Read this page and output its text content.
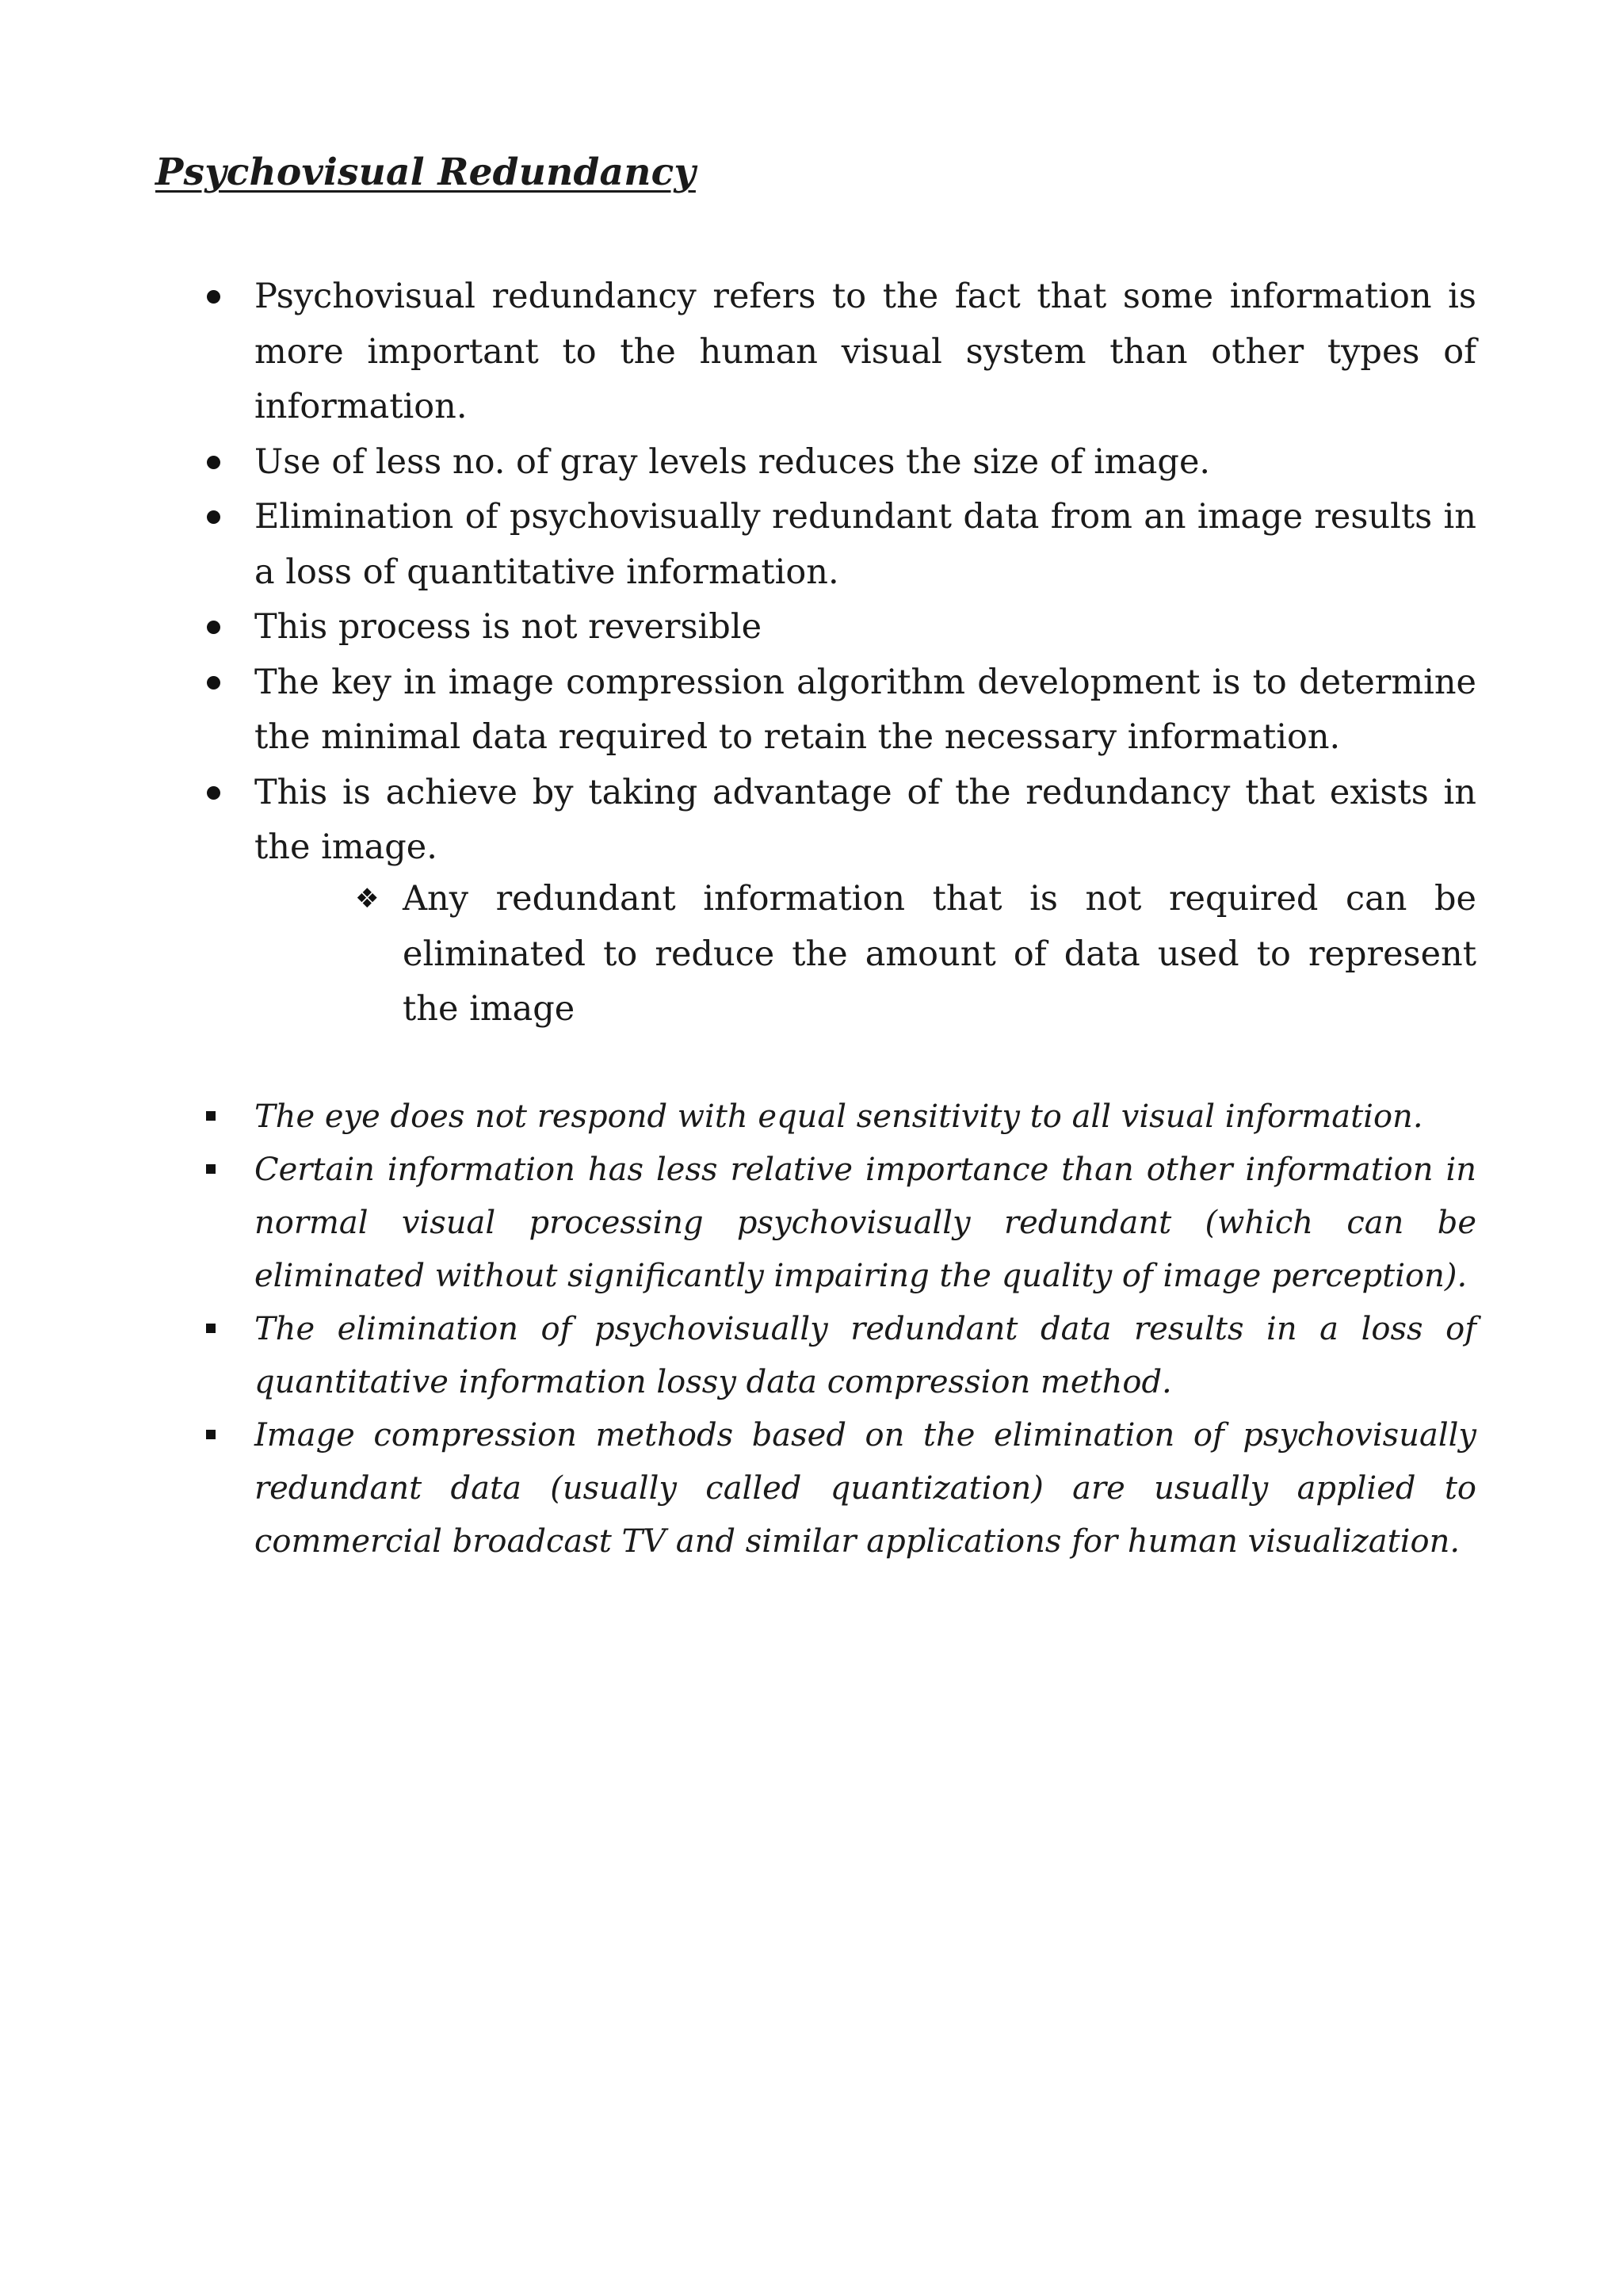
Psychovisual Redundancy
Psychovisual redundancy refers to the fact that some information is more important to the human visual system than other types of information.
Use of less no. of gray levels reduces the size of image.
Elimination of psychovisually redundant data from an image results in a loss of quantitative information.
This process is not reversible
The key in image compression algorithm development is to determine the minimal data required to retain the necessary information.
This is achieve by taking advantage of the redundancy that exists in the image.
❖ Any redundant information that is not required can be eliminated to reduce the amount of data used to represent the image
The eye does not respond with equal sensitivity to all visual information.
Certain information has less relative importance than other information in normal visual processing psychovisually redundant (which can be eliminated without significantly impairing the quality of image perception).
The elimination of psychovisually redundant data results in a loss of quantitative information lossy data compression method.
Image compression methods based on the elimination of psychovisually redundant data (usually called quantization) are usually applied to commercial broadcast TV and similar applications for human visualization.
